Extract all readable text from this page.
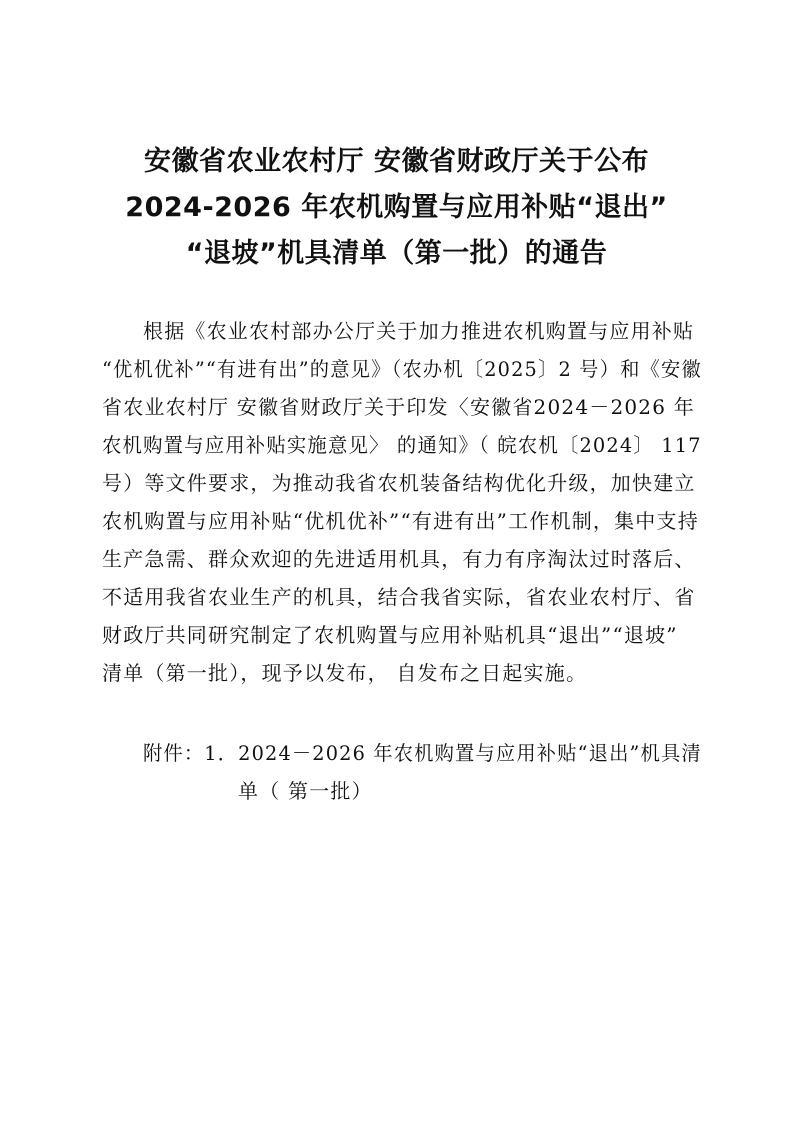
安徽省农业农村厅 安徽省财政厅关于公布
2024-2026 年农机购置与应用补贴“退出”
“退坡”机具清单（第一批）的通告
根据《农业农村部办公厅关于加力推进农机购置与应用补贴
“优机优补”“有进有出”的意见》（农办机〔2025〕2 号）和《安徽
省农业农村厅 安徽省财政厅关于印发〈安徽省2024－2026 年
农机购置与应用补贴实施意见〉 的通知》（ 皖农机〔2024〕 117
号）等文件要求，为推动我省农机装备结构优化升级，加快建立
农机购置与应用补贴“优机优补”“有进有出”工作机制，集中支持
生产急需、群众欢迎的先进适用机具，有力有序淘汰过时落后、
不适用我省农业生产的机具，结合我省实际，省农业农村厅、省
财政厅共同研究制定了农机购置与应用补贴机具“退出”“退坡”
清单（第一批），现予以发布， 自发布之日起实施。
附件：1．2024－2026 年农机购置与应用补贴“退出”机具清
单（ 第一批）
